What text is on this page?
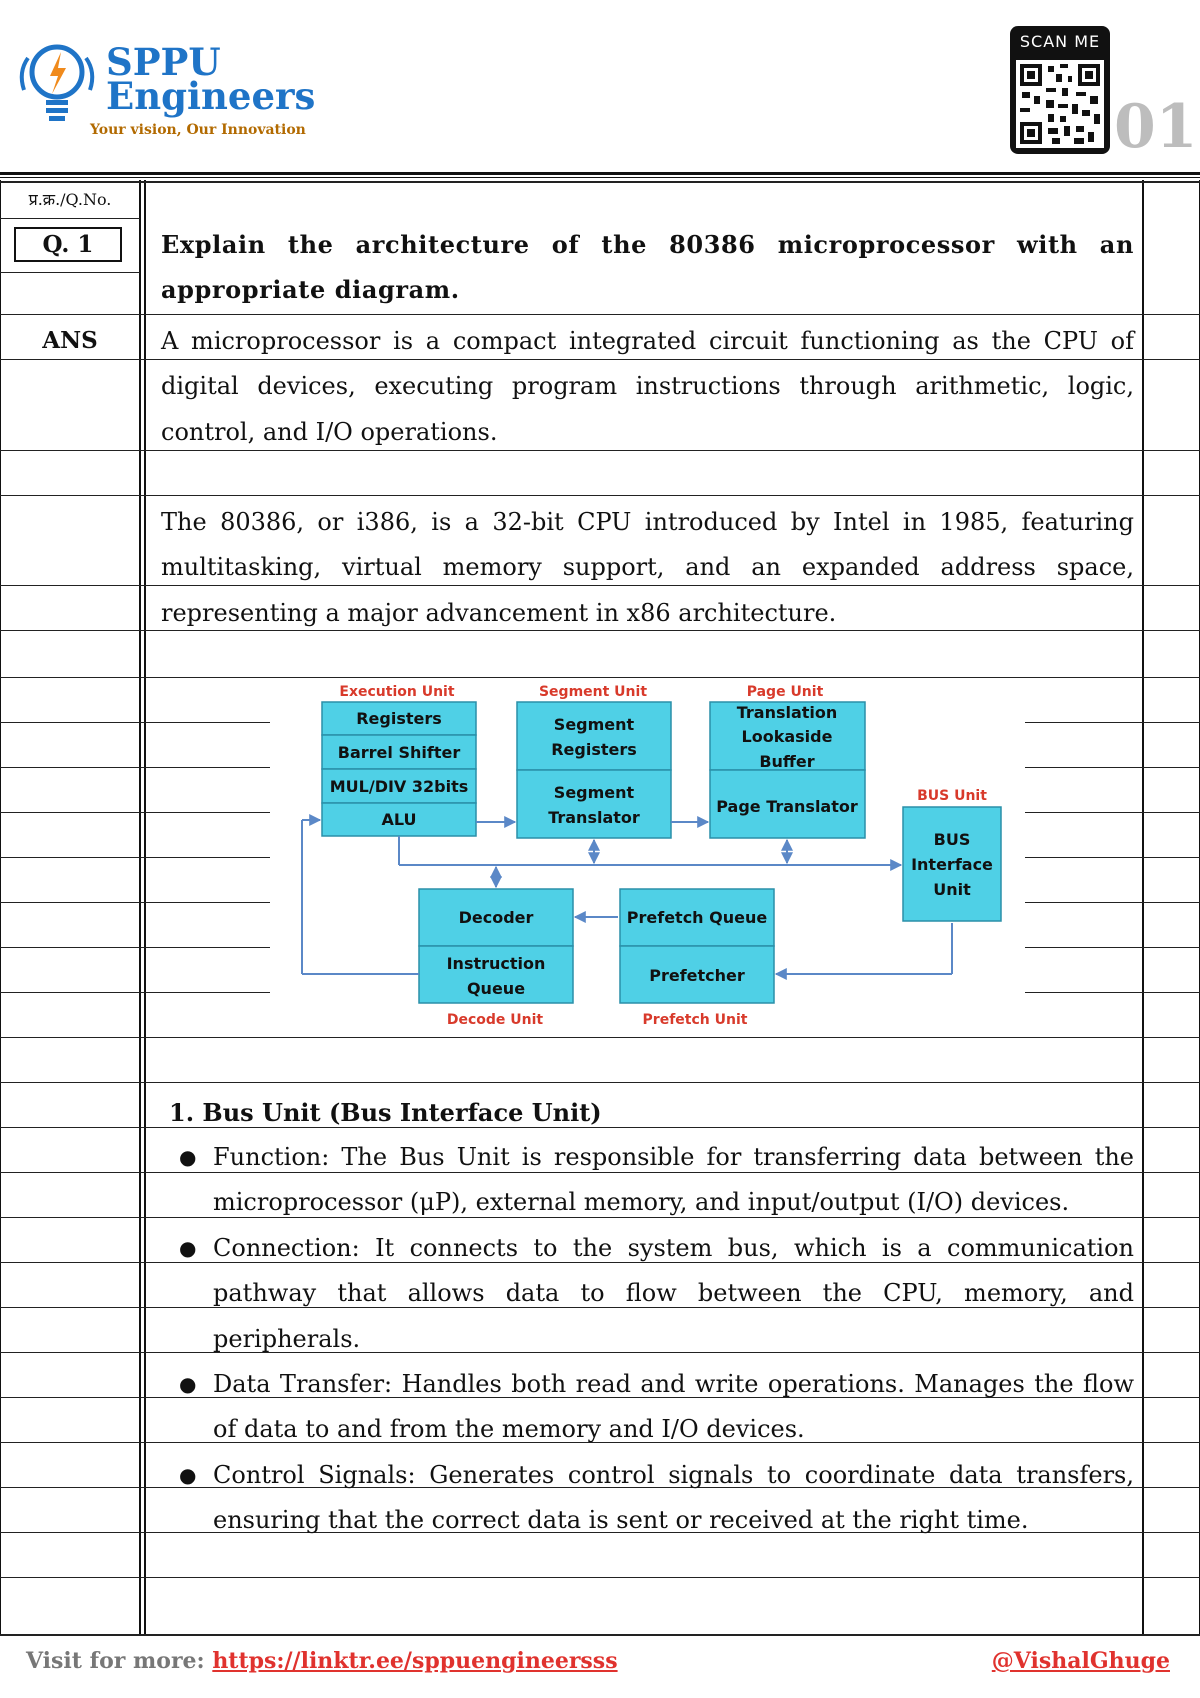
SPPU
Engineers
Your vision, Our Innovation
SCAN ME
01
प्र.क्र./Q.No.
Q. 1
ANS
Explain the architecture of the 80386 microprocessor with an appropriate diagram.
A microprocessor is a compact integrated circuit functioning as the CPU of digital devices, executing program instructions through arithmetic, logic, control, and I/O operations.
The 80386, or i386, is a 32-bit CPU introduced by Intel in 1985, featuring multitasking, virtual memory support, and an expanded address space, representing a major advancement in x86 architecture.
Execution Unit
Registers
Barrel Shifter
MUL/DIV 32bits
ALU
Segment Unit
Segment
Registers
Segment
Translator
Page Unit
Translation
Lookaside
Buffer
Page Translator
BUS Unit
BUS
Interface
Unit
Decoder
Instruction
Queue
Decode Unit
Prefetch Queue
Prefetcher
Prefetch Unit
1. Bus Unit (Bus Interface Unit)
● Function: The Bus Unit is responsible for transferring data between the microprocessor (μP), external memory, and input/output (I/O) devices.
● Connection: It connects to the system bus, which is a communication pathway that allows data to flow between the CPU, memory, and peripherals.
● Data Transfer: Handles both read and write operations. Manages the flow of data to and from the memory and I/O devices.
● Control Signals: Generates control signals to coordinate data transfers, ensuring that the correct data is sent or received at the right time.
Visit for more: https://linktr.ee/sppuengineersss	@VishalGhuge
